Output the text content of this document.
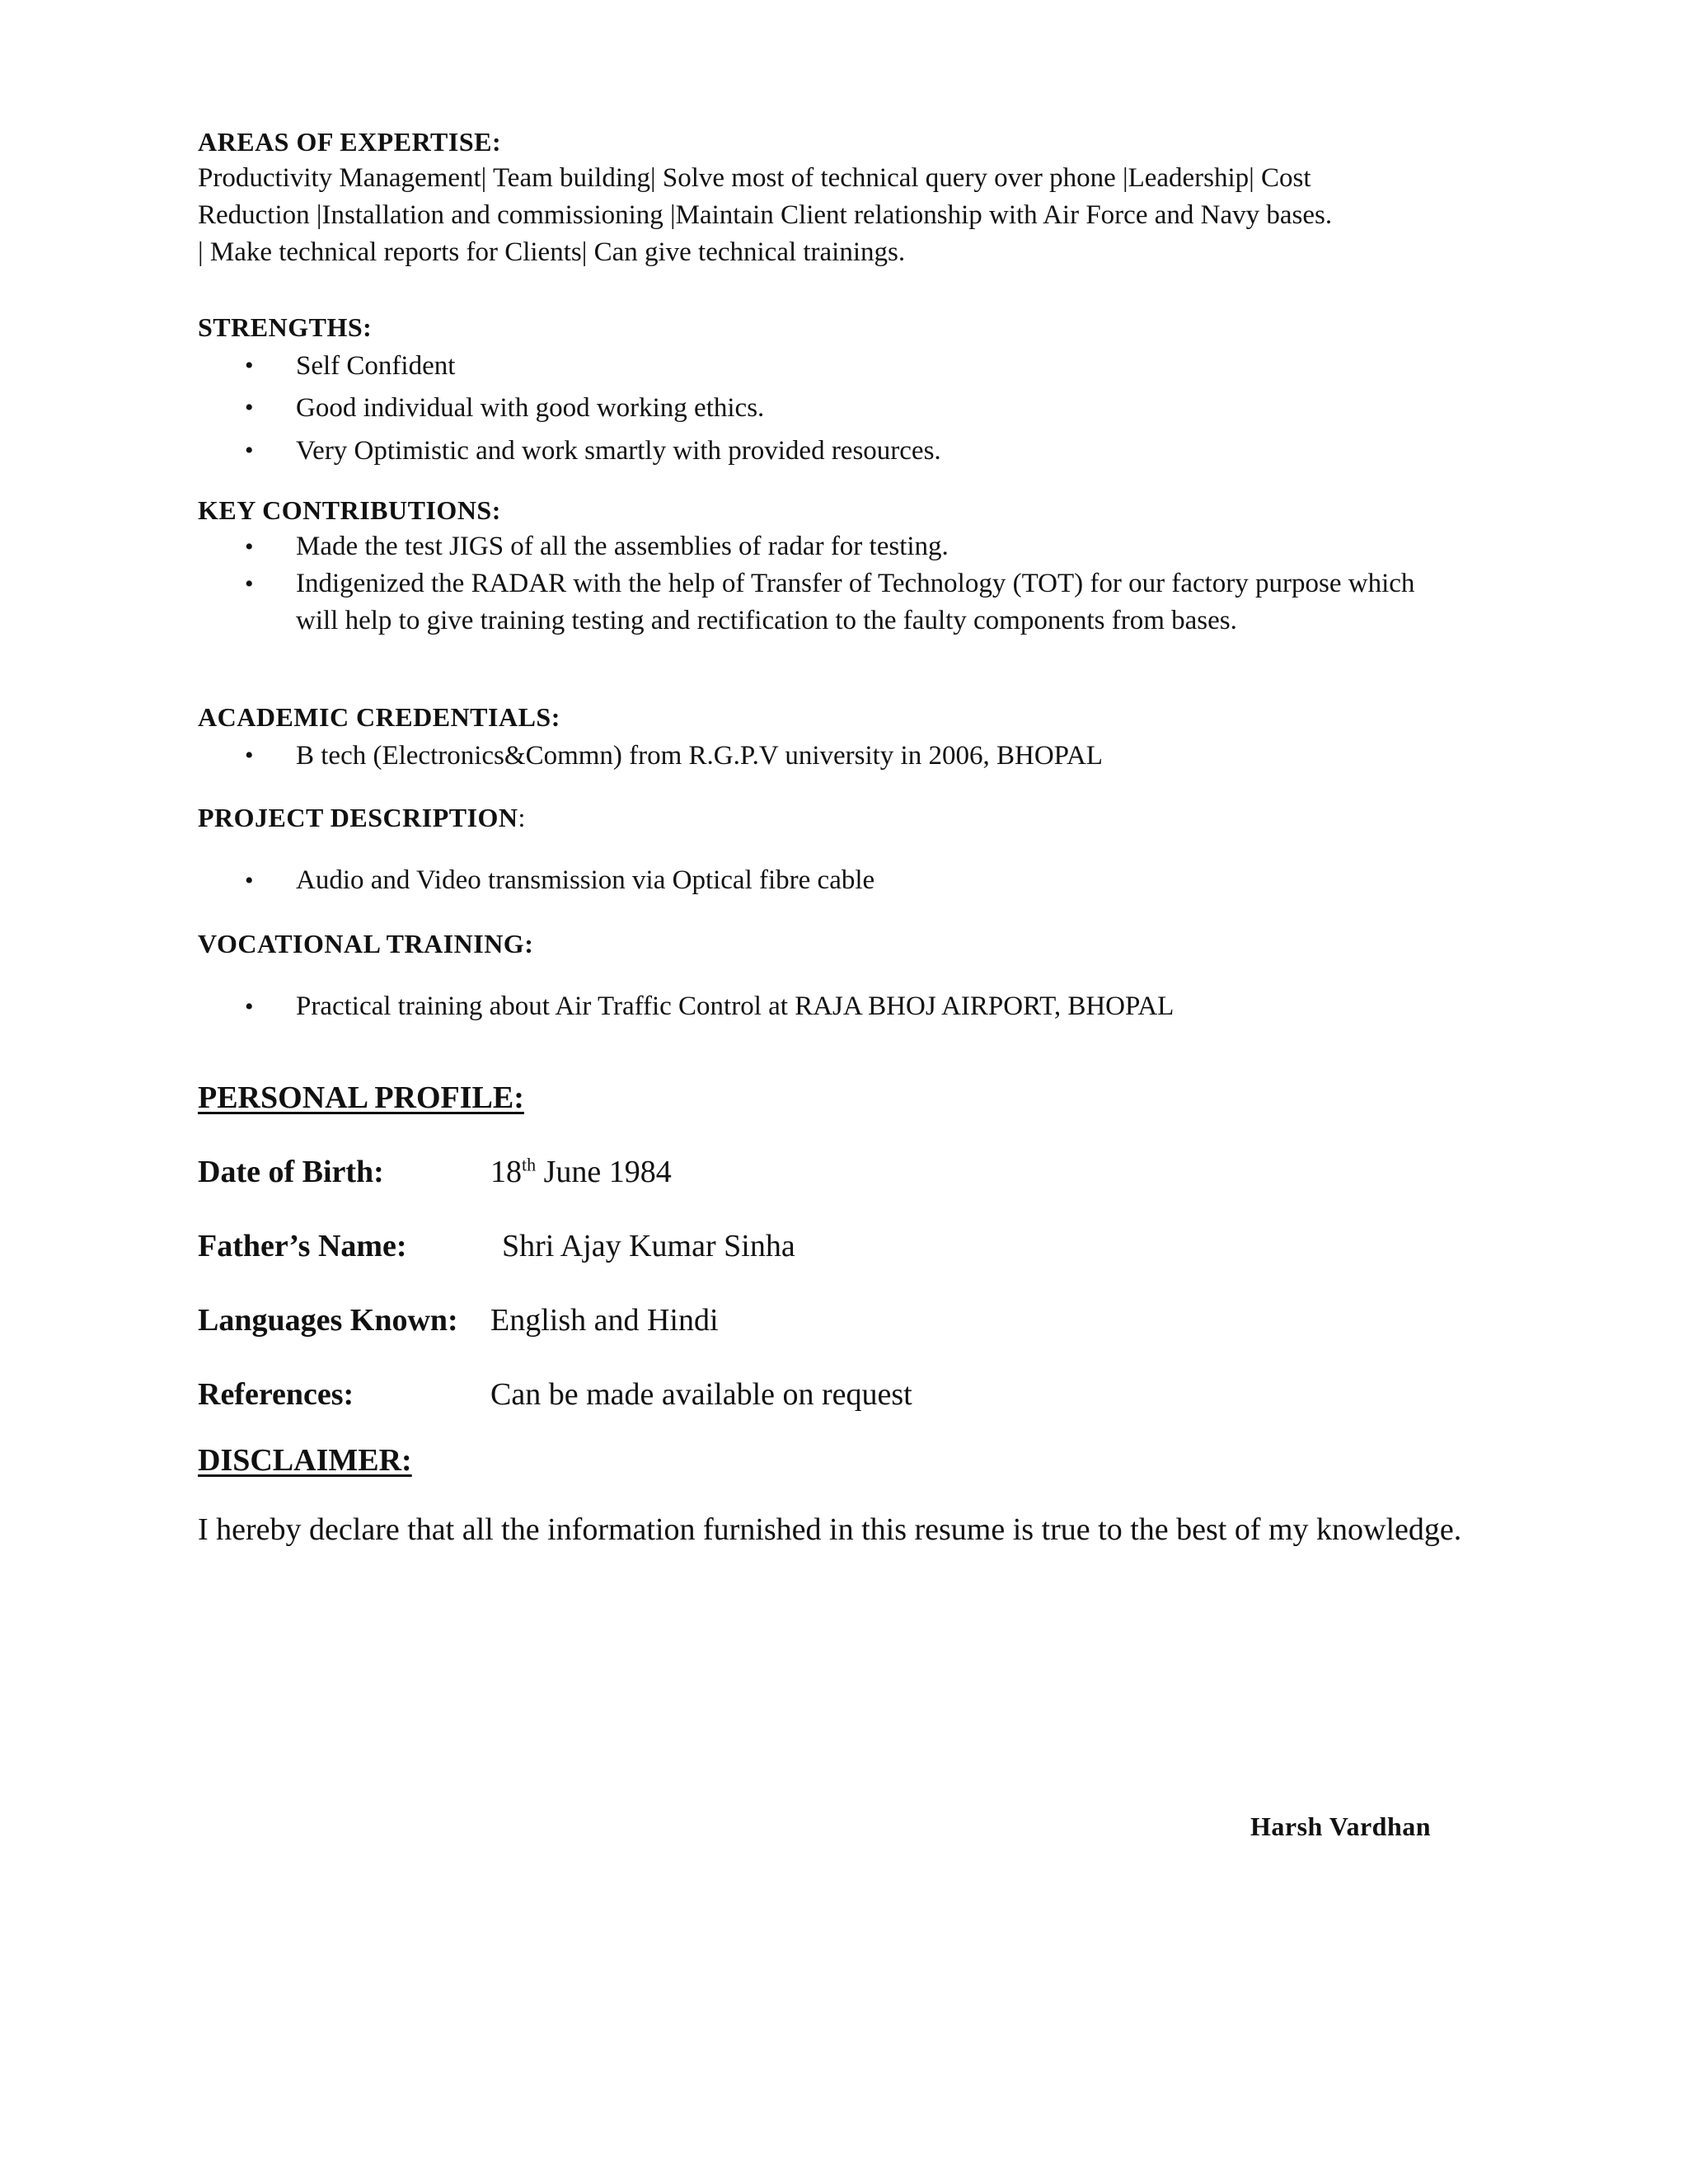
AREAS OF EXPERTISE:

Productivity Management| Team building| Solve most of technical query over phone |Leadership| Cost

Reduction |Installation and commissioning |Maintain Client relationship with Air Force and Navy bases.

| Make technical reports for Clients| Can give technical trainings.

STRENGTHS:
• Self Confident
• Good individual with good working ethics.
• Very Optimistic and work smartly with provided resources.
KEY CONTRIBUTIONS:
• Made the test JIGS of all the assemblies of radar for testing.
• Indigenized the RADAR with the help of Transfer of Technology (TOT) for our factory purpose which will help to give training testing and rectification to the faulty components from bases.
ACADEMIC CREDENTIALS:
• B tech (Electronics&Commn) from R.G.P.V university in 2006, BHOPAL
PROJECT DESCRIPTION:
• Audio and Video transmission via Optical fibre cable
VOCATIONAL TRAINING:
• Practical training about Air Traffic Control at RAJA BHOJ AIRPORT, BHOPAL
PERSONAL PROFILE:
Date of Birth:	18th June 1984
Father’s Name:	Shri Ajay Kumar Sinha
Languages Known:	English and Hindi
References:	Can be made available on request
DISCLAIMER:

I hereby declare that all the information furnished in this resume is true to the best of my knowledge.

Harsh Vardhan
